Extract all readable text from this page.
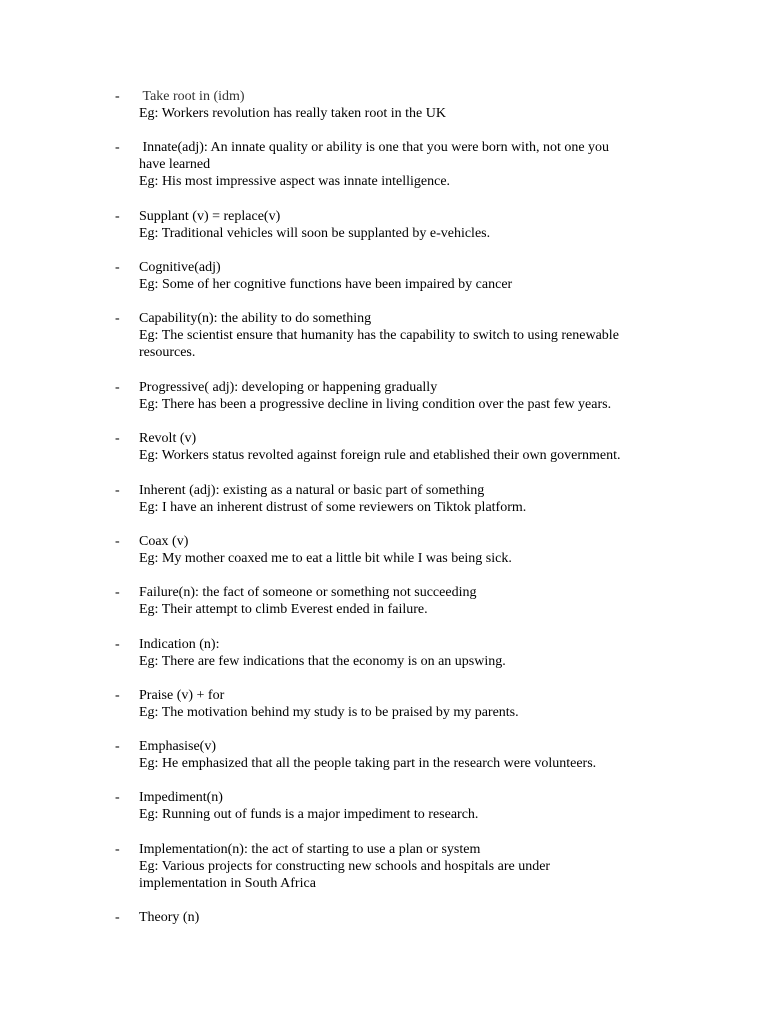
-	Take root in (idm)
Eg: Workers revolution has really taken root in the UK
-	Innate(adj): An innate quality or ability is one that you were born with, not one you
have learned
Eg: His most impressive aspect was innate intelligence.
-	Supplant (v) = replace(v)
Eg: Traditional vehicles will soon be supplanted by e-vehicles.
-	Cognitive(adj)
Eg: Some of her cognitive functions have been impaired by cancer
-	Capability(n): the ability to do something
Eg: The scientist ensure that humanity has the capability to switch to using renewable
resources.
-	Progressive( adj): developing or happening gradually
Eg: There has been a progressive decline in living condition over the past few years.
-	Revolt (v)
Eg: Workers status revolted against foreign rule and etablished their own government.
-	Inherent (adj): existing as a natural or basic part of something
Eg: I have an inherent distrust of some reviewers on Tiktok platform.
-	Coax (v)
Eg: My mother coaxed me to eat a little bit while I was being sick.
-	Failure(n): the fact of someone or something not succeeding
Eg: Their attempt to climb Everest ended in failure.
-	Indication (n):
Eg: There are few indications that the economy is on an upswing.
-	Praise (v) + for
Eg: The motivation behind my study is to be praised by my parents.
-	Emphasise(v)
Eg: He emphasized that all the people taking part in the research were volunteers.
-	Impediment(n)
Eg: Running out of funds is a major impediment to research.
-	Implementation(n): the act of starting to use a plan or system
Eg: Various projects for constructing new schools and hospitals are under
implementation in South Africa
-	Theory (n)
